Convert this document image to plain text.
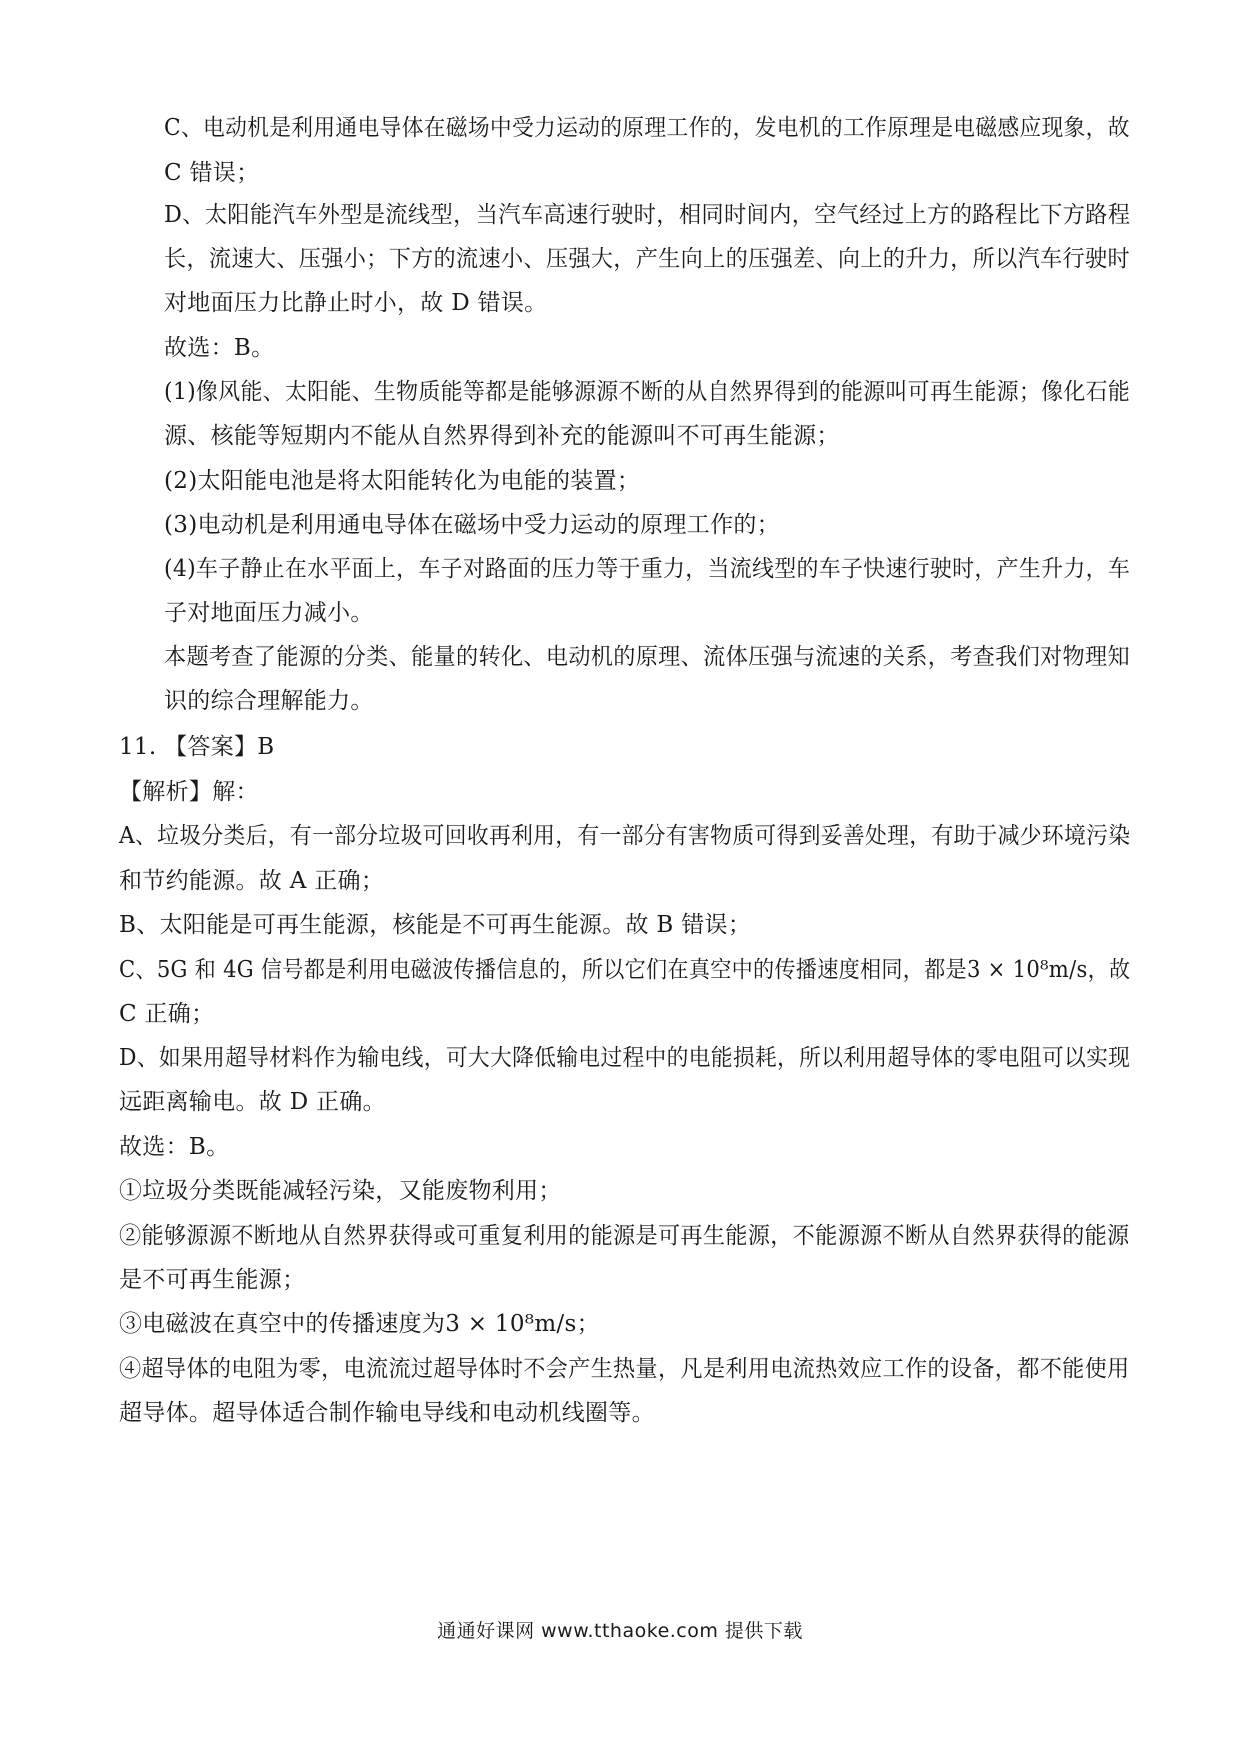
C、电动机是利用通电导体在磁场中受力运动的原理工作的，发电机的工作原理是电磁感应现象，故
C 错误；
D、太阳能汽车外型是流线型，当汽车高速行驶时，相同时间内，空气经过上方的路程比下方路程
长，流速大、压强小；下方的流速小、压强大，产生向上的压强差、向上的升力，所以汽车行驶时
对地面压力比静止时小，故 D 错误。
故选：B。
(1)像风能、太阳能、生物质能等都是能够源源不断的从自然界得到的能源叫可再生能源；像化石能
源、核能等短期内不能从自然界得到补充的能源叫不可再生能源；
(2)太阳能电池是将太阳能转化为电能的装置；
(3)电动机是利用通电导体在磁场中受力运动的原理工作的；
(4)车子静止在水平面上，车子对路面的压力等于重力，当流线型的车子快速行驶时，产生升力，车
子对地面压力减小。
本题考查了能源的分类、能量的转化、电动机的原理、流体压强与流速的关系，考查我们对物理知
识的综合理解能力。
11. 【答案】B
【解析】解：
A、垃圾分类后，有一部分垃圾可回收再利用，有一部分有害物质可得到妥善处理，有助于减少环境污染
和节约能源。故 A 正确；
B、太阳能是可再生能源，核能是不可再生能源。故 B 错误；
C、5G 和 4G 信号都是利用电磁波传播信息的，所以它们在真空中的传播速度相同，都是3 × 10⁸m/s，故
C 正确；
D、如果用超导材料作为输电线，可大大降低输电过程中的电能损耗，所以利用超导体的零电阻可以实现
远距离输电。故 D 正确。
故选：B。
①垃圾分类既能减轻污染，又能废物利用；
②能够源源不断地从自然界获得或可重复利用的能源是可再生能源，不能源源不断从自然界获得的能源
是不可再生能源；
③电磁波在真空中的传播速度为3 × 10⁸m/s；
④超导体的电阻为零，电流流过超导体时不会产生热量，凡是利用电流热效应工作的设备，都不能使用
超导体。超导体适合制作输电导线和电动机线圈等。
通通好课网 www.tthaoke.com 提供下载
